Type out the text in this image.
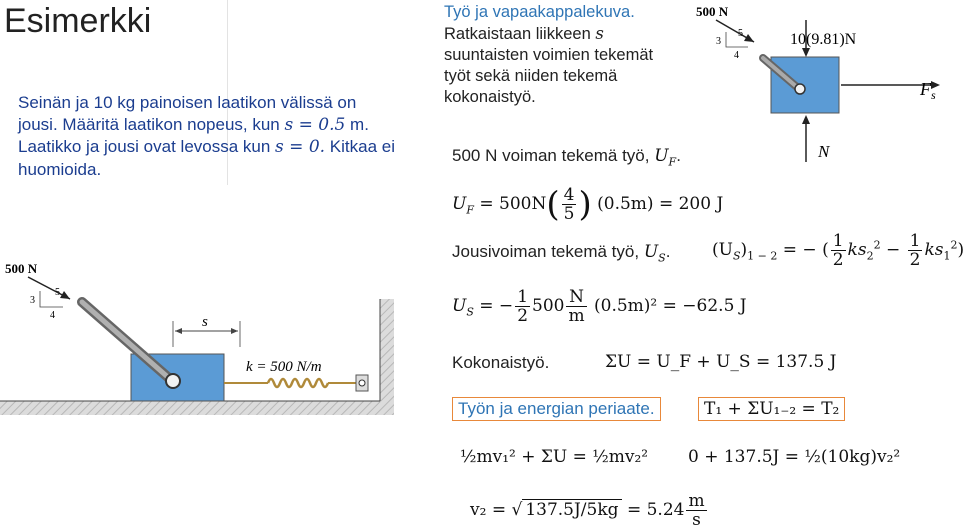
Esimerkki
Seinän ja 10 kg painoisen laatikon välissä on jousi. Määritä laatikon nopeus, kun s = 0.5 m. Laatikko ja jousi ovat levossa kun s = 0. Kitkaa ei huomioida.
Työ ja vapaakappalekuva.
Ratkaistaan liikkeen s suuntaisten voimien tekemät työt sekä niiden tekemä kokonaistyö.
500 N
3
5
4
10(9.81)N
N
$F_s$
500 N
3
5
4	s
k = 500 N/m
500 N voiman tekemä työ, $U_F$.
$U_F = 500N( \frac{4}{5}$ ) (0.5m) = 200 J
Jousivoiman tekemä työ, $U_S$. $(U_S)_{1 - 2}$ = − ( $\frac{1}{2} ks_2^2 - \frac{1}{2} ks_1^2$)
$U_S$ = − $\frac{1}{2} 500 \frac{N}{m} (0.5m)^2 = -62.5$ J
Kokonaistyö.	ΣU = U_F + U_S = 137.5 J
Työn ja energian periaate.	T₁ + ΣU₁₋₂ = T₂
½mv₁² + ΣU = ½mv₂² 0 + 137.5J = ½(10kg)v₂²
v₂ = √ $137.5J/5kg = 5.24 \frac{m}{s}$
